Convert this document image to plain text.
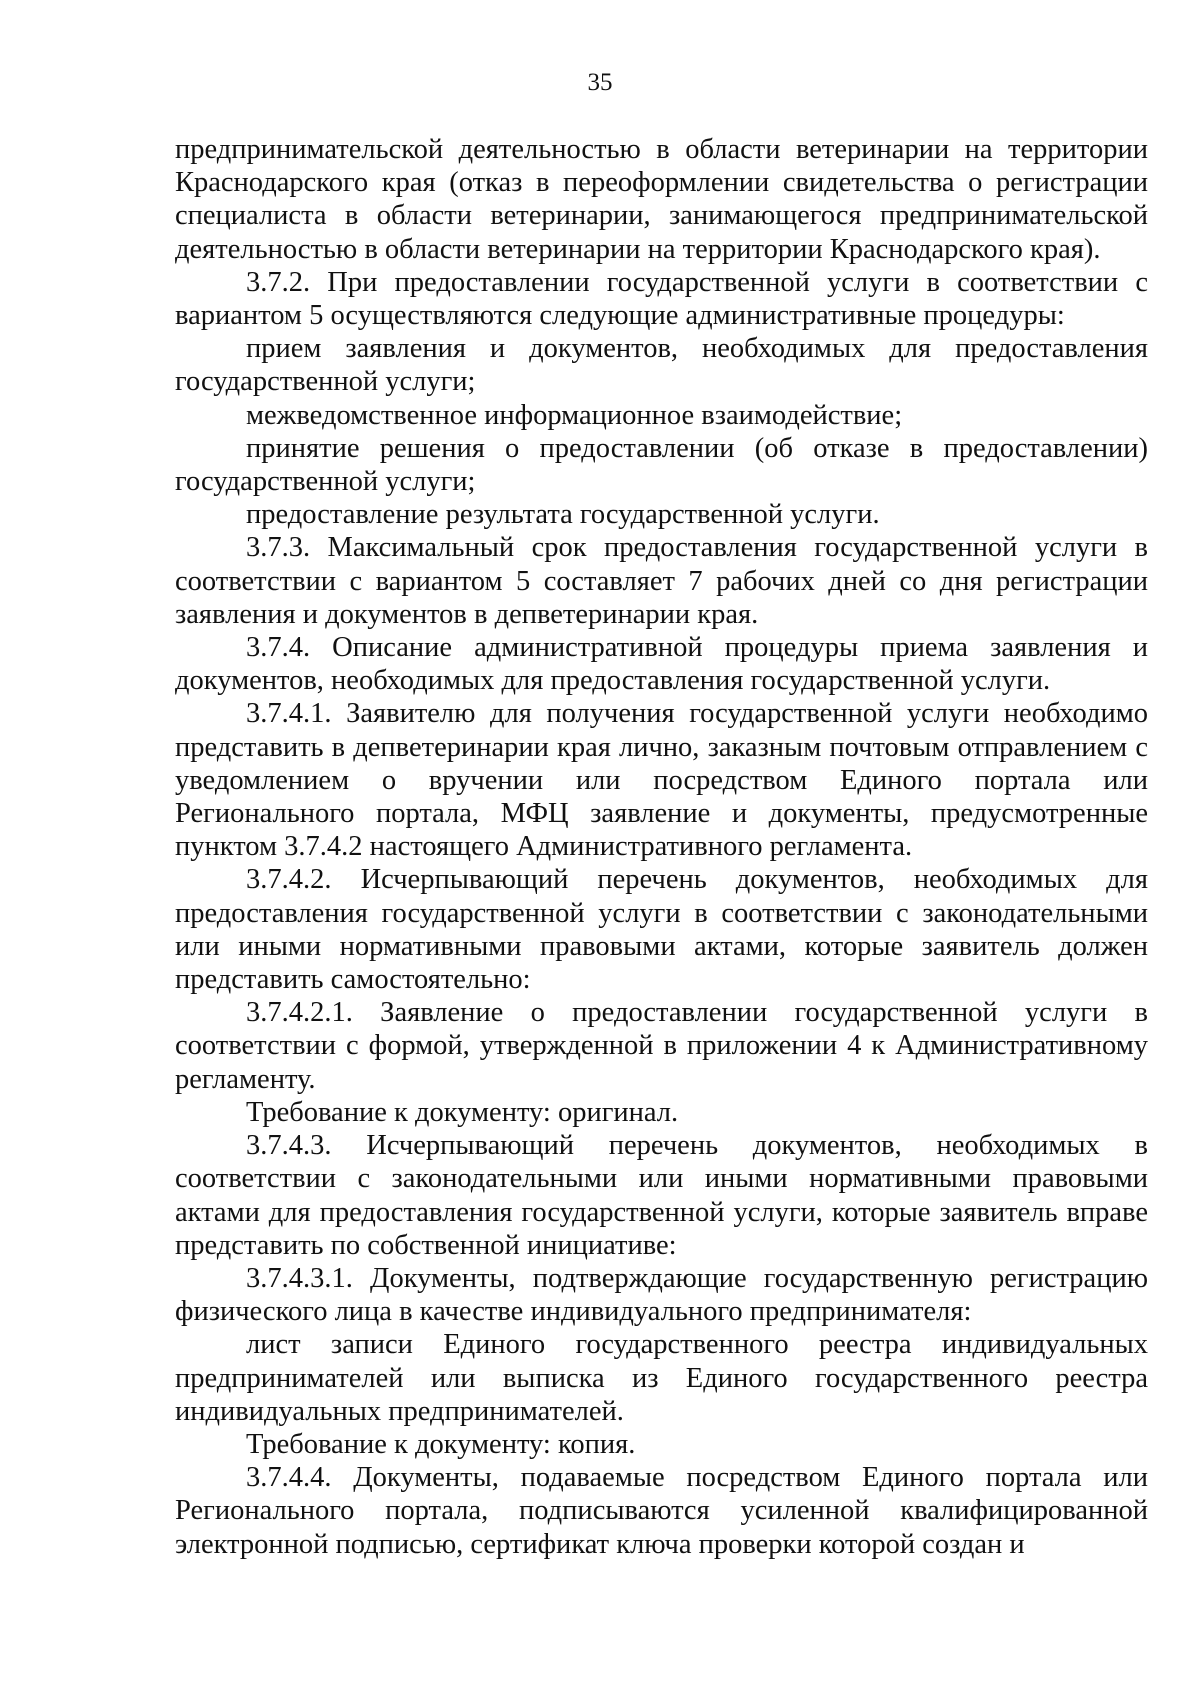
35

предпринимательской деятельностью в области ветеринарии на территории Краснодарского края (отказ в переоформлении свидетельства о регистрации специалиста в области ветеринарии, занимающегося предпринимательской деятельностью в области ветеринарии на территории Краснодарского края).

3.7.2. При предоставлении государственной услуги в соответствии с вариантом 5 осуществляются следующие административные процедуры:

прием заявления и документов, необходимых для предоставления государственной услуги;

межведомственное информационное взаимодействие;

принятие решения о предоставлении (об отказе в предоставлении) государственной услуги;

предоставление результата государственной услуги.

3.7.3. Максимальный срок предоставления государственной услуги в соответствии с вариантом 5 составляет 7 рабочих дней со дня регистрации заявления и документов в депветеринарии края.

3.7.4. Описание административной процедуры приема заявления и документов, необходимых для предоставления государственной услуги.

3.7.4.1. Заявителю для получения государственной услуги необходимо представить в депветеринарии края лично, заказным почтовым отправлением с уведомлением о вручении или посредством Единого портала или Регионального портала, МФЦ заявление и документы, предусмотренные пунктом 3.7.4.2 настоящего Административного регламента.

3.7.4.2. Исчерпывающий перечень документов, необходимых для предоставления государственной услуги в соответствии с законодательными или иными нормативными правовыми актами, которые заявитель должен представить самостоятельно:

3.7.4.2.1. Заявление о предоставлении государственной услуги в соответствии с формой, утвержденной в приложении 4 к Административному регламенту.

Требование к документу: оригинал.

3.7.4.3. Исчерпывающий перечень документов, необходимых в соответствии с законодательными или иными нормативными правовыми актами для предоставления государственной услуги, которые заявитель вправе представить по собственной инициативе:

3.7.4.3.1. Документы, подтверждающие государственную регистрацию физического лица в качестве индивидуального предпринимателя:

лист записи Единого государственного реестра индивидуальных предпринимателей или выписка из Единого государственного реестра индивидуальных предпринимателей.

Требование к документу: копия.

3.7.4.4. Документы, подаваемые посредством Единого портала или Регионального портала, подписываются усиленной квалифицированной электронной подписью, сертификат ключа проверки которой создан и
